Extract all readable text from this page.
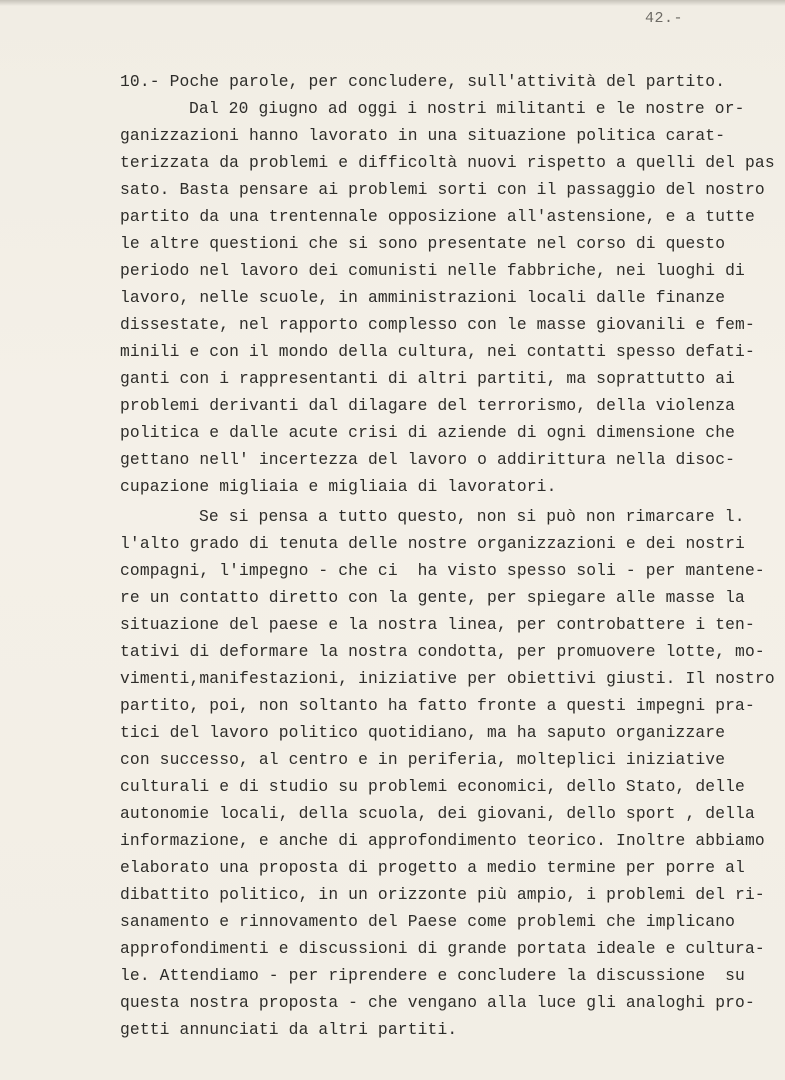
42.-
10.- Poche parole, per concludere, sull'attività del partito.
Dal 20 giugno ad oggi i nostri militanti e le nostre or-
ganizzazioni hanno lavorato in una situazione politica carat-
terizzata da problemi e difficoltà nuovi rispetto a quelli del pas
sato. Basta pensare ai problemi sorti con il passaggio del nostro
partito da una trentennale opposizione all'astensione, e a tutte
le altre questioni che si sono presentate nel corso di questo
periodo nel lavoro dei comunisti nelle fabbriche, nei luoghi di
lavoro, nelle scuole, in amministrazioni locali dalle finanze
dissestate, nel rapporto complesso con le masse giovanili e fem-
minili e con il mondo della cultura, nei contatti spesso defati-
ganti con i rappresentanti di altri partiti, ma soprattutto ai
problemi derivanti dal dilagare del terrorismo, della violenza
politica e dalle acute crisi di aziende di ogni dimensione che
gettano nell' incertezza del lavoro o addirittura nella disoc-
cupazione migliaia e migliaia di lavoratori.
Se si pensa a tutto questo, non si può non rimarcare l.
l'alto grado di tenuta delle nostre organizzazioni e dei nostri
compagni, l'impegno - che ci  ha visto spesso soli - per mantene-
re un contatto diretto con la gente, per spiegare alle masse la
situazione del paese e la nostra linea, per controbattere i ten-
tativi di deformare la nostra condotta, per promuovere lotte, mo-
vimenti,manifestazioni, iniziative per obiettivi giusti. Il nostro
partito, poi, non soltanto ha fatto fronte a questi impegni pra-
tici del lavoro politico quotidiano, ma ha saputo organizzare
con successo, al centro e in periferia, molteplici iniziative
culturali e di studio su problemi economici, dello Stato, delle
autonomie locali, della scuola, dei giovani, dello sport , della
informazione, e anche di approfondimento teorico. Inoltre abbiamo
elaborato una proposta di progetto a medio termine per porre al
dibattito politico, in un orizzonte più ampio, i problemi del ri-
sanamento e rinnovamento del Paese come problemi che implicano
approfondimenti e discussioni di grande portata ideale e cultura-
le. Attendiamo - per riprendere e concludere la discussione  su
questa nostra proposta - che vengano alla luce gli analoghi pro-
getti annunciati da altri partiti.
